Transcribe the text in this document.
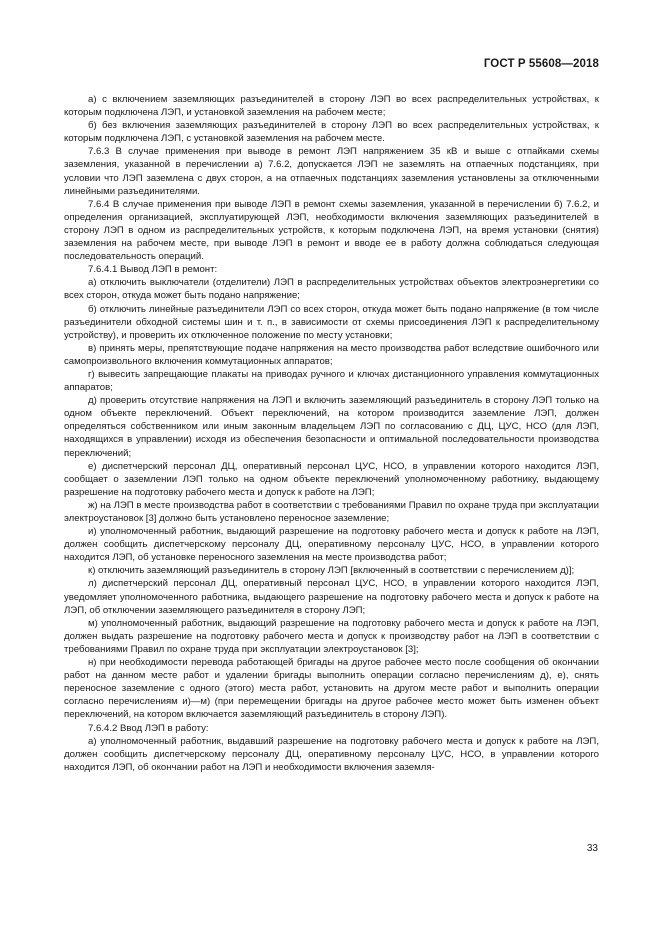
ГОСТ Р 55608—2018

а) с включением заземляющих разъединителей в сторону ЛЭП во всех распределительных устройствах, к которым подключена ЛЭП, и установкой заземления на рабочем месте;

б) без включения заземляющих разъединителей в сторону ЛЭП во всех распределительных устройствах, к которым подключена ЛЭП, с установкой заземления на рабочем месте.

7.6.3 В случае применения при выводе в ремонт ЛЭП напряжением 35 кВ и выше с отпайками схемы заземления, указанной в перечислении а) 7.6.2, допускается ЛЭП не заземлять на отпаечных подстанциях, при условии что ЛЭП заземлена с двух сторон, а на отпаечных подстанциях заземления установлены за отключенными линейными разъединителями.

7.6.4 В случае применения при выводе ЛЭП в ремонт схемы заземления, указанной в перечислении б) 7.6.2, и определения организацией, эксплуатирующей ЛЭП, необходимости включения заземляющих разъединителей в сторону ЛЭП в одном из распределительных устройств, к которым подключена ЛЭП, на время установки (снятия) заземления на рабочем месте, при выводе ЛЭП в ремонт и вводе ее в работу должна соблюдаться следующая последовательность операций.

7.6.4.1 Вывод ЛЭП в ремонт:

а) отключить выключатели (отделители) ЛЭП в распределительных устройствах объектов электроэнергетики со всех сторон, откуда может быть подано напряжение;

б) отключить линейные разъединители ЛЭП со всех сторон, откуда может быть подано напряжение (в том числе разъединители обходной системы шин и т. п., в зависимости от схемы присоединения ЛЭП к распределительному устройству), и проверить их отключенное положение по месту установки;

в) принять меры, препятствующие подаче напряжения на место производства работ вследствие ошибочного или самопроизвольного включения коммутационных аппаратов;

г) вывесить запрещающие плакаты на приводах ручного и ключах дистанционного управления коммутационных аппаратов;

д) проверить отсутствие напряжения на ЛЭП и включить заземляющий разъединитель в сторону ЛЭП только на одном объекте переключений. Объект переключений, на котором производится заземление ЛЭП, должен определяться собственником или иным законным владельцем ЛЭП по согласованию с ДЦ, ЦУС, НСО (для ЛЭП, находящихся в управлении) исходя из обеспечения безопасности и оптимальной последовательности производства переключений;

е) диспетчерский персонал ДЦ, оперативный персонал ЦУС, НСО, в управлении которого находится ЛЭП, сообщает о заземлении ЛЭП только на одном объекте переключений уполномоченному работнику, выдающему разрешение на подготовку рабочего места и допуск к работе на ЛЭП;

ж) на ЛЭП в месте производства работ в соответствии с требованиями Правил по охране труда при эксплуатации электроустановок [3] должно быть установлено переносное заземление;

и) уполномоченный работник, выдающий разрешение на подготовку рабочего места и допуск к работе на ЛЭП, должен сообщить диспетчерскому персоналу ДЦ, оперативному персоналу ЦУС, НСО, в управлении которого находится ЛЭП, об установке переносного заземления на месте производства работ;

к) отключить заземляющий разъединитель в сторону ЛЭП [включенный в соответствии с перечислением д)];

л) диспетчерский персонал ДЦ, оперативный персонал ЦУС, НСО, в управлении которого находится ЛЭП, уведомляет уполномоченного работника, выдающего разрешение на подготовку рабочего места и допуск к работе на ЛЭП, об отключении заземляющего разъединителя в сторону ЛЭП;

м) уполномоченный работник, выдающий разрешение на подготовку рабочего места и допуск к работе на ЛЭП, должен выдать разрешение на подготовку рабочего места и допуск к производству работ на ЛЭП в соответствии с требованиями Правил по охране труда при эксплуатации электроустановок [3];

н) при необходимости перевода работающей бригады на другое рабочее место после сообщения об окончании работ на данном месте работ и удалении бригады выполнить операции согласно перечислениям д), е), снять переносное заземление с одного (этого) места работ, установить на другом месте работ и выполнить операции согласно перечислениям и)—м) (при перемещении бригады на другое рабочее место может быть изменен объект переключений, на котором включается заземляющий разъединитель в сторону ЛЭП).

7.6.4.2 Ввод ЛЭП в работу:

а) уполномоченный работник, выдавший разрешение на подготовку рабочего места и допуск к работе на ЛЭП, должен сообщить диспетчерскому персоналу ДЦ, оперативному персоналу ЦУС, НСО, в управлении которого находится ЛЭП, об окончании работ на ЛЭП и необходимости включения заземля-

33
